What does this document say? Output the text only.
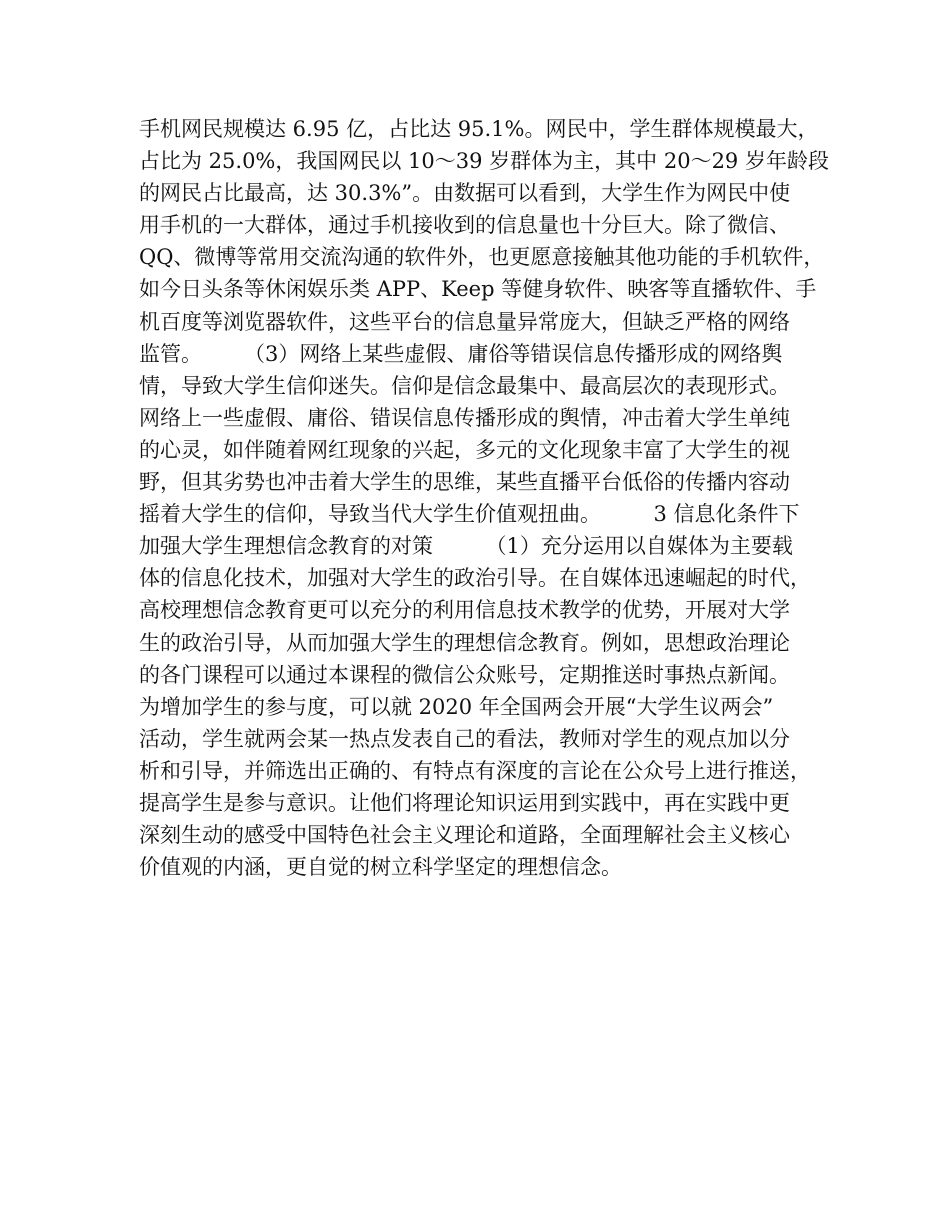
手机网民规模达 6.95 亿，占比达 95.1%。网民中，学生群体规模最大，
占比为 25.0%，我国网民以 10～39 岁群体为主，其中 20～29 岁年龄段
的网民占比最高，达 30.3%”。由数据可以看到，大学生作为网民中使
用手机的一大群体，通过手机接收到的信息量也十分巨大。除了微信、
QQ、微博等常用交流沟通的软件外，也更愿意接触其他功能的手机软件，
如今日头条等休闲娱乐类 APP、Keep 等健身软件、映客等直播软件、手
机百度等浏览器软件，这些平台的信息量异常庞大，但缺乏严格的网络
监管。　　　（3）网络上某些虚假、庸俗等错误信息传播形成的网络舆
情，导致大学生信仰迷失。信仰是信念最集中、最高层次的表现形式。
网络上一些虚假、庸俗、错误信息传播形成的舆情，冲击着大学生单纯
的心灵，如伴随着网红现象的兴起，多元的文化现象丰富了大学生的视
野，但其劣势也冲击着大学生的思维，某些直播平台低俗的传播内容动
摇着大学生的信仰，导致当代大学生价值观扭曲。　　　3 信息化条件下
加强大学生理想信念教育的对策　　　（1）充分运用以自媒体为主要载
体的信息化技术，加强对大学生的政治引导。在自媒体迅速崛起的时代，
高校理想信念教育更可以充分的利用信息技术教学的优势，开展对大学
生的政治引导，从而加强大学生的理想信念教育。例如，思想政治理论
的各门课程可以通过本课程的微信公众账号，定期推送时事热点新闻。
为增加学生的参与度，可以就 2020 年全国两会开展“大学生议两会”
活动，学生就两会某一热点发表自己的看法，教师对学生的观点加以分
析和引导，并筛选出正确的、有特点有深度的言论在公众号上进行推送，
提高学生是参与意识。让他们将理论知识运用到实践中，再在实践中更
深刻生动的感受中国特色社会主义理论和道路，全面理解社会主义核心
价值观的内涵，更自觉的树立科学坚定的理想信念。
